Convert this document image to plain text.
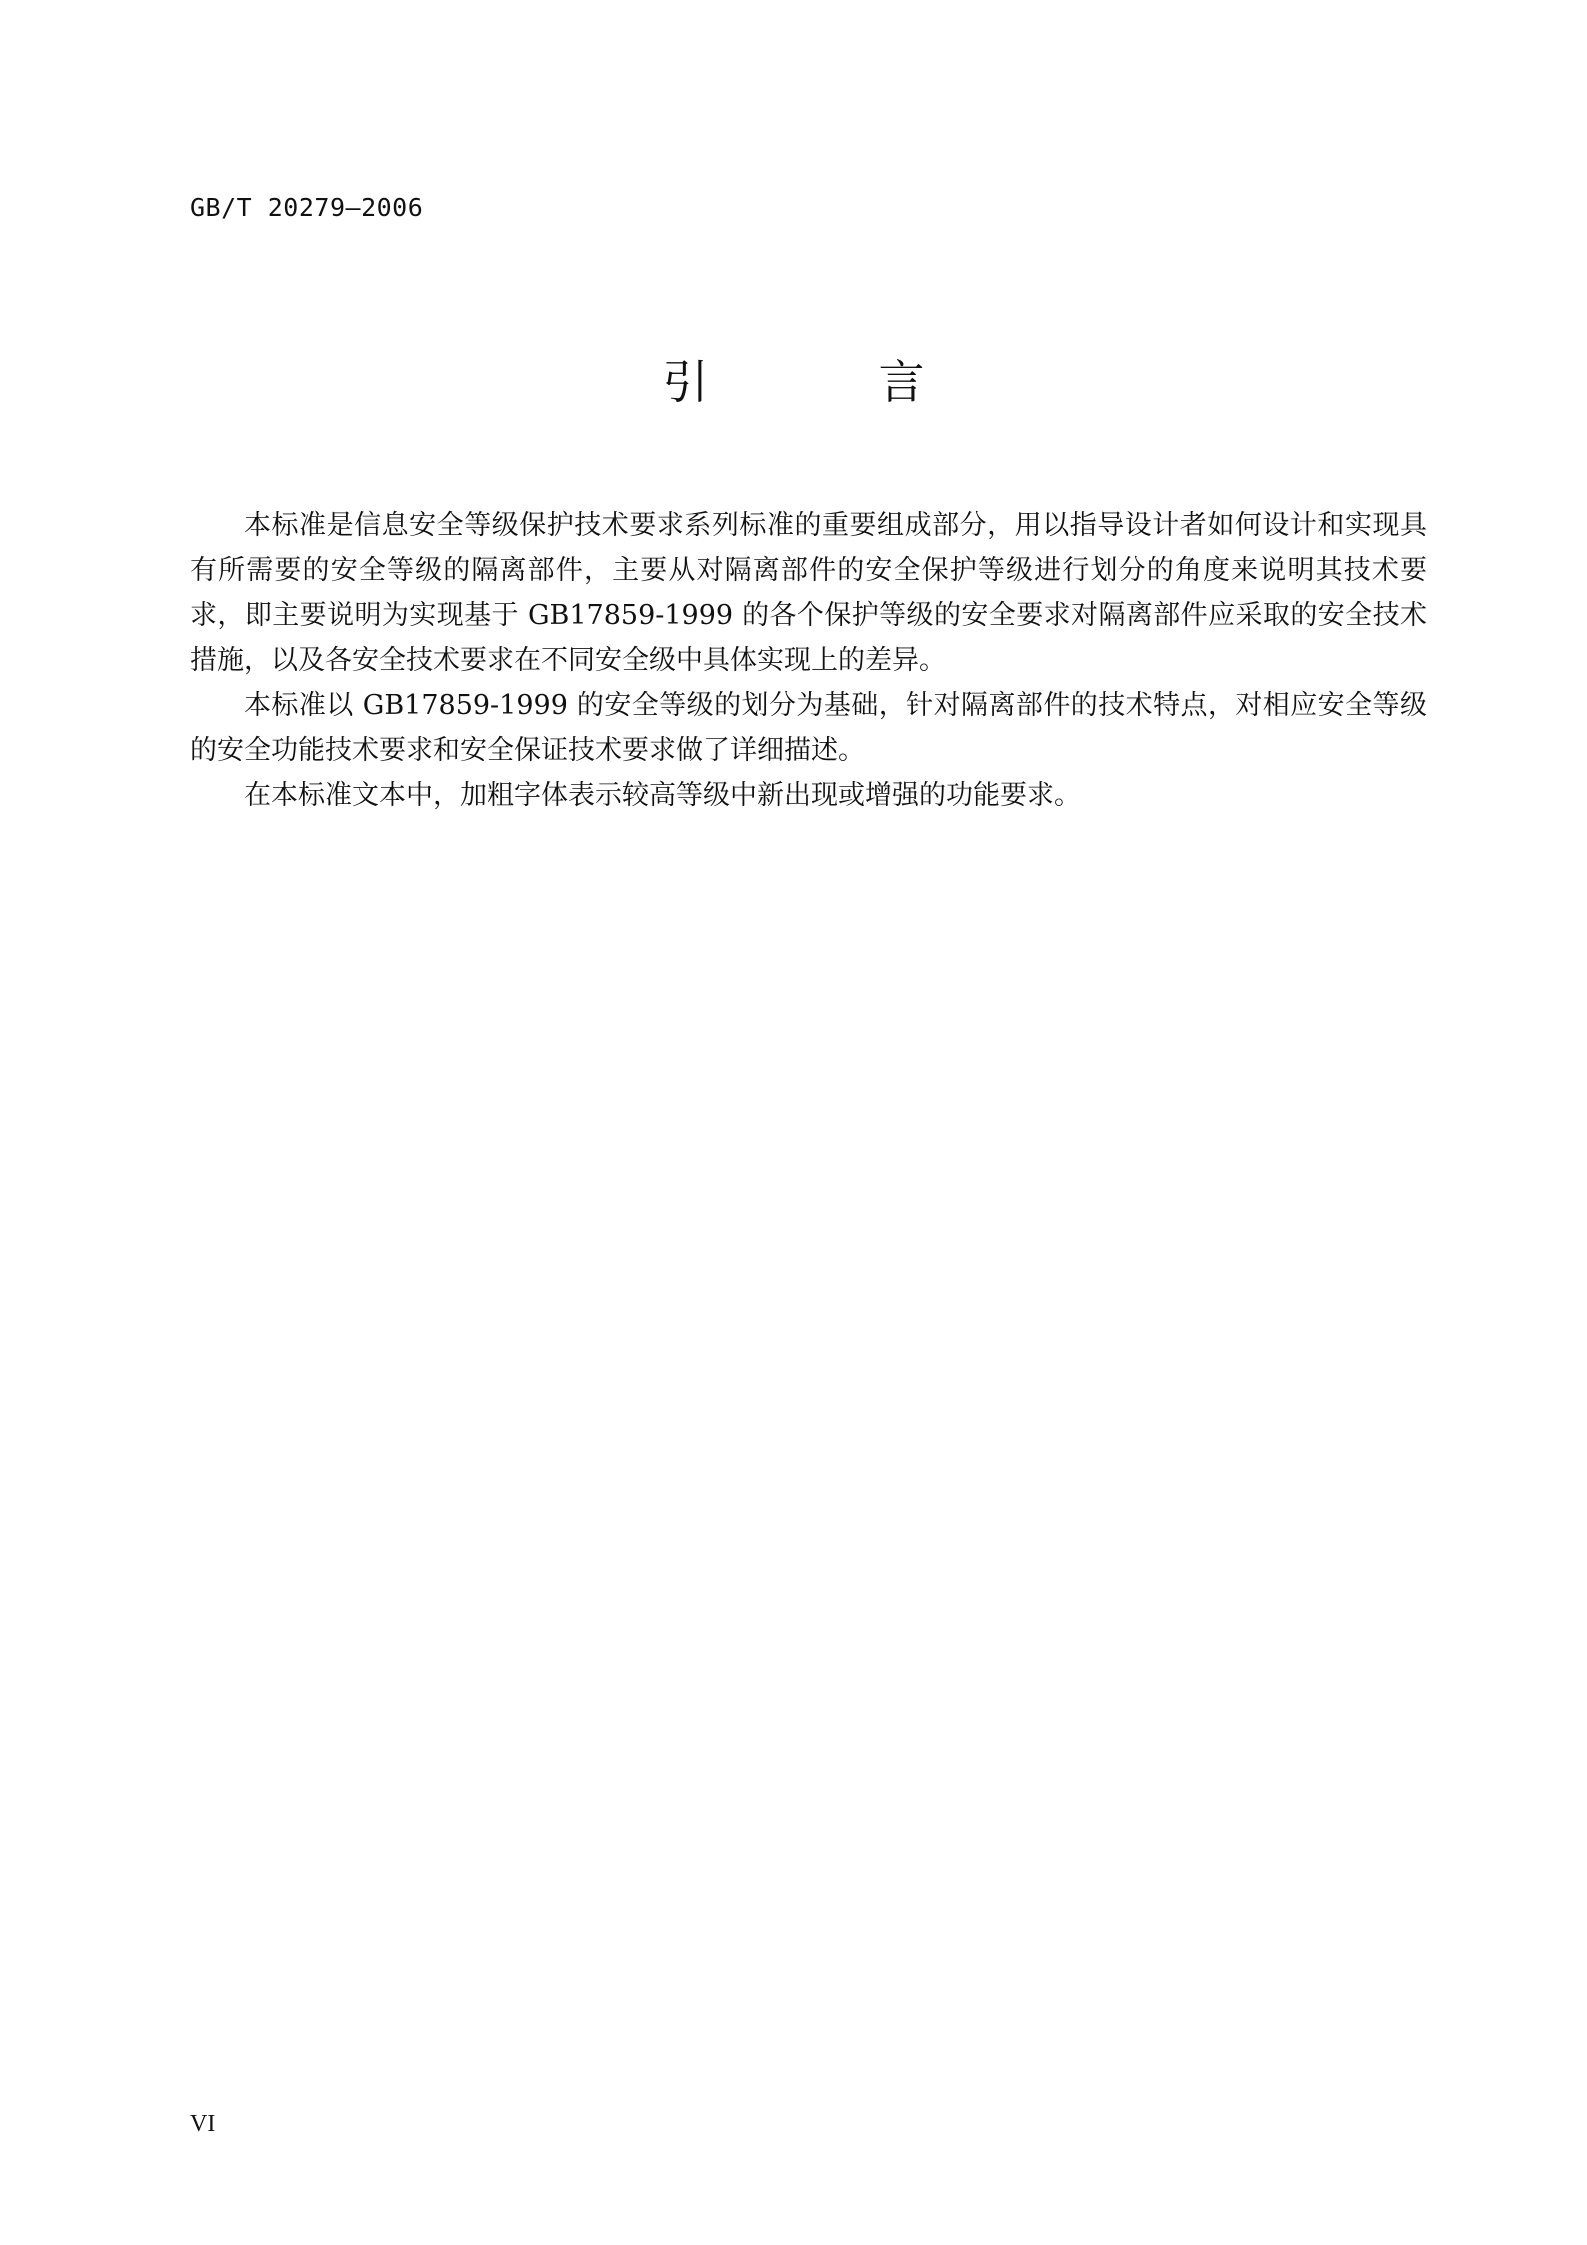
GB/T 20279—2006
引　言

本标准是信息安全等级保护技术要求系列标准的重要组成部分，用以指导设计者如何设计和实现具有所需要的安全等级的隔离部件，主要从对隔离部件的安全保护等级进行划分的角度来说明其技术要求，即主要说明为实现基于 GB17859-1999 的各个保护等级的安全要求对隔离部件应采取的安全技术措施，以及各安全技术要求在不同安全级中具体实现上的差异。

本标准以 GB17859-1999 的安全等级的划分为基础，针对隔离部件的技术特点，对相应安全等级的安全功能技术要求和安全保证技术要求做了详细描述。

在本标准文本中，加粗字体表示较高等级中新出现或增强的功能要求。

VI
